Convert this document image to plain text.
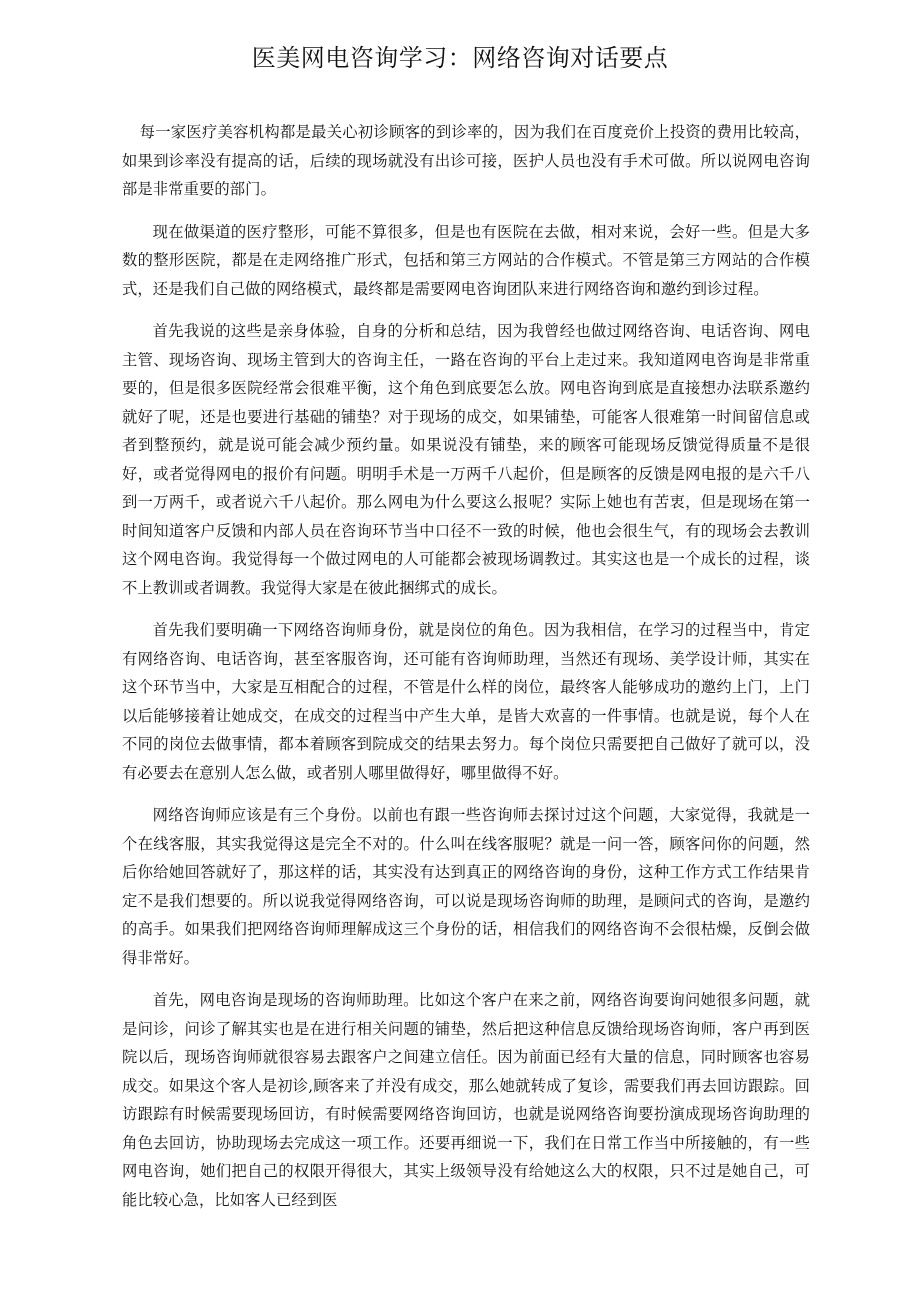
医美网电咨询学习：网络咨询对话要点

每一家医疗美容机构都是最关心初诊顾客的到诊率的，因为我们在百度竞价上投资的费用比较高，如果到诊率没有提高的话，后续的现场就没有出诊可接，医护人员也没有手术可做。所以说网电咨询部是非常重要的部门。

现在做渠道的医疗整形，可能不算很多，但是也有医院在去做，相对来说，会好一些。但是大多数的整形医院，都是在走网络推广形式，包括和第三方网站的合作模式。不管是第三方网站的合作模式，还是我们自己做的网络模式，最终都是需要网电咨询团队来进行网络咨询和邀约到诊过程。

首先我说的这些是亲身体验，自身的分析和总结，因为我曾经也做过网络咨询、电话咨询、网电主管、现场咨询、现场主管到大的咨询主任，一路在咨询的平台上走过来。我知道网电咨询是非常重要的，但是很多医院经常会很难平衡，这个角色到底要怎么放。网电咨询到底是直接想办法联系邀约就好了呢，还是也要进行基础的铺垫？对于现场的成交，如果铺垫，可能客人很难第一时间留信息或者到整预约，就是说可能会减少预约量。如果说没有铺垫，来的顾客可能现场反馈觉得质量不是很好，或者觉得网电的报价有问题。明明手术是一万两千八起价，但是顾客的反馈是网电报的是六千八到一万两千，或者说六千八起价。那么网电为什么要这么报呢？实际上她也有苦衷，但是现场在第一时间知道客户反馈和内部人员在咨询环节当中口径不一致的时候，他也会很生气，有的现场会去教训这个网电咨询。我觉得每一个做过网电的人可能都会被现场调教过。其实这也是一个成长的过程，谈不上教训或者调教。我觉得大家是在彼此捆绑式的成长。

首先我们要明确一下网络咨询师身份，就是岗位的角色。因为我相信，在学习的过程当中，肯定有网络咨询、电话咨询，甚至客服咨询，还可能有咨询师助理，当然还有现场、美学设计师，其实在这个环节当中，大家是互相配合的过程，不管是什么样的岗位，最终客人能够成功的邀约上门，上门以后能够接着让她成交，在成交的过程当中产生大单，是皆大欢喜的一件事情。也就是说，每个人在不同的岗位去做事情，都本着顾客到院成交的结果去努力。每个岗位只需要把自己做好了就可以，没有必要去在意别人怎么做，或者别人哪里做得好，哪里做得不好。

网络咨询师应该是有三个身份。以前也有跟一些咨询师去探讨过这个问题，大家觉得，我就是一个在线客服，其实我觉得这是完全不对的。什么叫在线客服呢？就是一问一答，顾客问你的问题，然后你给她回答就好了，那这样的话，其实没有达到真正的网络咨询的身份，这种工作方式工作结果肯定不是我们想要的。所以说我觉得网络咨询，可以说是现场咨询师的助理，是顾问式的咨询，是邀约的高手。如果我们把网络咨询师理解成这三个身份的话，相信我们的网络咨询不会很枯燥，反倒会做得非常好。

首先，网电咨询是现场的咨询师助理。比如这个客户在来之前，网络咨询要询问她很多问题，就是问诊，问诊了解其实也是在进行相关问题的铺垫，然后把这种信息反馈给现场咨询师，客户再到医院以后，现场咨询师就很容易去跟客户之间建立信任。因为前面已经有大量的信息，同时顾客也容易成交。如果这个客人是初诊,顾客来了并没有成交，那么她就转成了复诊，需要我们再去回访跟踪。回访跟踪有时候需要现场回访，有时候需要网络咨询回访，也就是说网络咨询要扮演成现场咨询助理的角色去回访，协助现场去完成这一项工作。还要再细说一下，我们在日常工作当中所接触的，有一些网电咨询，她们把自己的权限开得很大，其实上级领导没有给她这么大的权限，只不过是她自己，可能比较心急，比如客人已经到医
